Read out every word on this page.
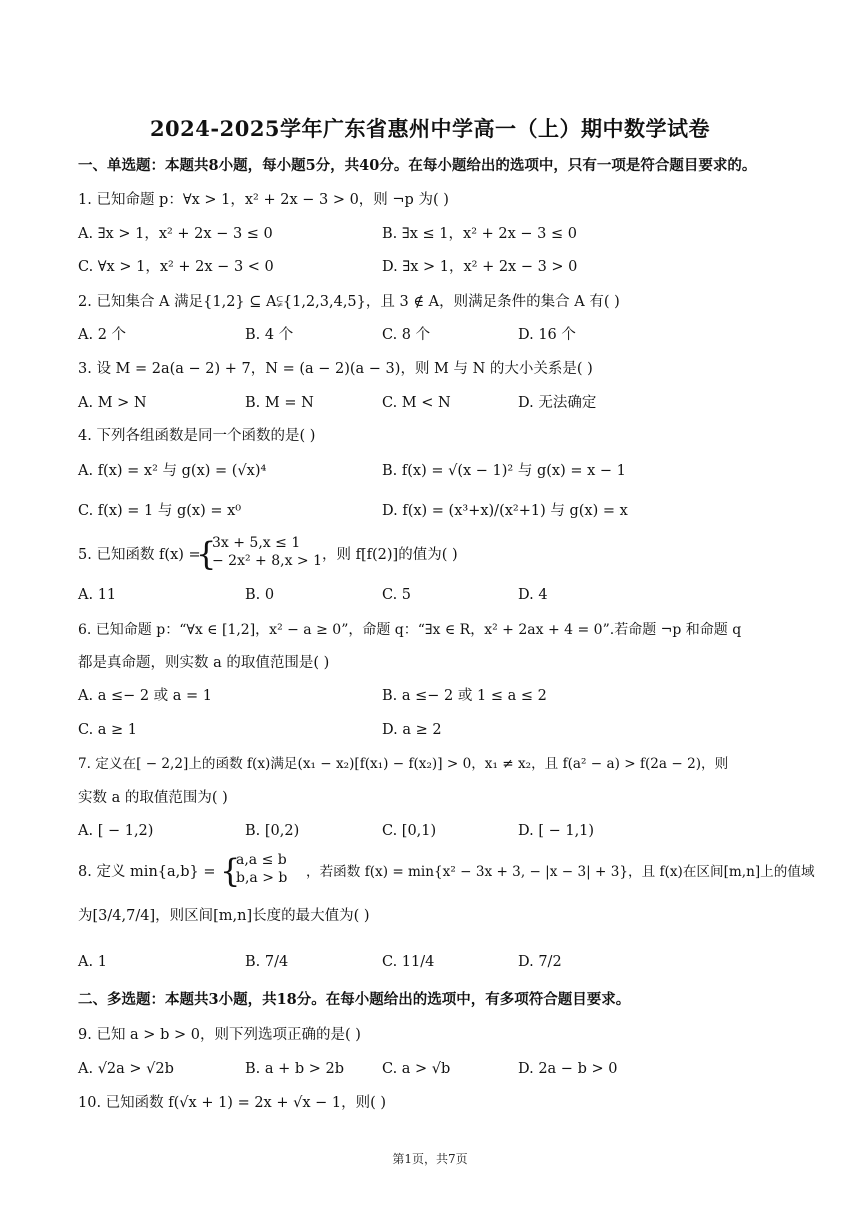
2024-2025学年广东省惠州中学高一（上）期中数学试卷
一、单选题：本题共8小题，每小题5分，共40分。在每小题给出的选项中，只有一项是符合题目要求的。
1. 已知命题 p：∀x > 1，x² + 2x − 3 > 0，则 ¬p 为( )
A. ∃x > 1，x² + 2x − 3 ≤ 0	B. ∃x ≤ 1，x² + 2x − 3 ≤ 0
C. ∀x > 1，x² + 2x − 3 < 0	D. ∃x > 1，x² + 2x − 3 > 0
2. 已知集合 A 满足{1,2} ⊆ A⫋{1,2,3,4,5}，且 3 ∉ A，则满足条件的集合 A 有( )
A. 2 个	B. 4 个	C. 8 个	D. 16 个
3. 设 M = 2a(a − 2) + 7，N = (a − 2)(a − 3)，则 M 与 N 的大小关系是( )
A. M > N	B. M = N	C. M < N	D. 无法确定
4. 下列各组函数是同一个函数的是( )
A. f(x) = x² 与 g(x) = (√x)⁴	B. f(x) = √(x − 1)² 与 g(x) = x − 1
C. f(x) = 1 与 g(x) = x⁰	D. f(x) = (x³+x)/(x²+1) 与 g(x) = x
5. 已知函数 f(x) =
{
3x + 5,x ≤ 1
− 2x² + 8,x > 1 ，则 f[f(2)]的值为( )
A. 11	B. 0	C. 5	D. 4
6. 已知命题 p：“∀x ∈ [1,2]，x² − a ≥ 0”，命题 q：“∃x ∈ R，x² + 2ax + 4 = 0”.若命题 ¬p 和命题 q
都是真命题，则实数 a 的取值范围是( )
A. a ≤− 2 或 a = 1	B. a ≤− 2 或 1 ≤ a ≤ 2
C. a ≥ 1	D. a ≥ 2
7. 定义在[ − 2,2]上的函数 f(x)满足(x₁ − x₂)[f(x₁) − f(x₂)] > 0，x₁ ≠ x₂，且 f(a² − a) > f(2a − 2)，则
实数 a 的取值范围为( )
A. [ − 1,2)	B. [0,2)	C. [0,1)	D. [ − 1,1)
8. 定义 min{a,b} = {
a,a ≤ b
b,a > b ，若函数 f(x) = min{x² − 3x + 3, − |x − 3| + 3}，且 f(x)在区间[m,n]上的值域
为[3/4,7/4]，则区间[m,n]长度的最大值为( )
A. 1	B. 7/4	C. 11/4	D. 7/2
二、多选题：本题共3小题，共18分。在每小题给出的选项中，有多项符合题目要求。
9. 已知 a > b > 0，则下列选项正确的是( )
A. √2a > √2b	B. a + b > 2b	C. a > √b	D. 2a − b > 0
10. 已知函数 f(√x + 1) = 2x + √x − 1，则( )
第1页，共7页
